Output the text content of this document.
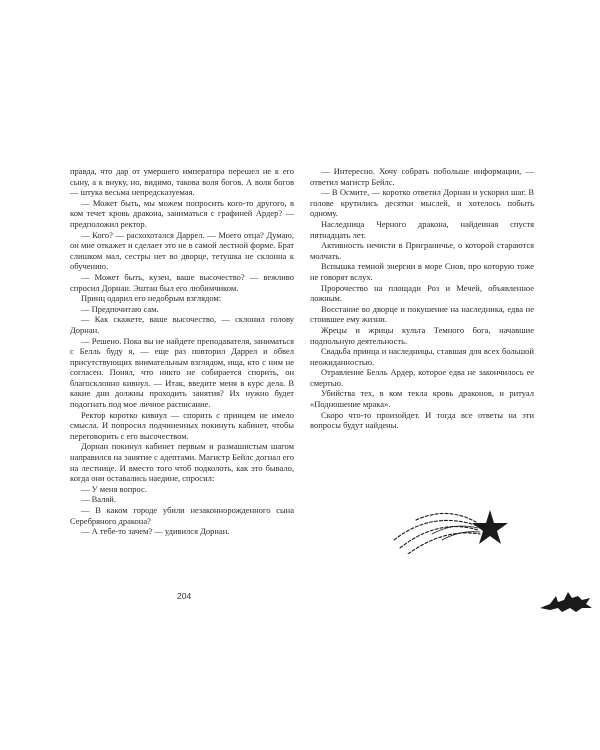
правда, что дар от умершего императора перешел не к его сыну, а к внуку, но, видимо, такова воля богов. А воля богов — штука весьма непредсказуемая.

— Может быть, мы можем попросить кого-то другого, в ком течет кровь дракона, заниматься с графиней Ардер? — предположил ректор.

— Кого? — расхохотался Даррел. — Моего отца? Думаю, он мне откажет и сделает это не в самой лестной форме. Брат слишком мал, сестры нет во дворце, тетушка не склонна к обучению.

— Может быть, кузен, ваше высочество? — вежливо спросил Дорнан. Эштан был его любимчиком.

Принц одарил его недобрым взглядом:

— Предпочитаю сам.

— Как скажете, ваше высочество, — склонил голову Дорнан.

— Решено. Пока вы не найдете преподавателя, заниматься с Белль буду я, — еще раз повторил Даррел и обвел присутствующих внимательным взглядом, ища, кто с ним не согласен. Понял, что никто не собирается спорить, он благосклонно кивнул. — Итак, введите меня в курс дела. В какие дни должны проходить занятия? Их нужно будет подогнать под мое личное расписание.

Ректор коротко кивнул — спорить с принцем не имело смысла. И попросил подчиненных покинуть кабинет, чтобы переговорить с его высочеством.

Дорнан покинул кабинет первым и размашистым шагом направился на занятие с адептами. Магистр Бейлс догнал его на лестнице. И вместо того чтоб подколоть, как это бывало, когда они оставались наедине, спросил:

— У меня вопрос.

— Валяй.

— В каком городе убили незаконнорожденного сына Серебряного дракона?

— А тебе-то зачем? — удивился Дорнан.

204

— Интересно. Хочу собрать побольше информации, — ответил магистр Бейлс.

— В Осмите, — коротко ответил Дорнан и ускорил шаг. В голове крутились десятки мыслей, и хотелось побыть одному.

Наследница Черного дракона, найденная спустя пятнадцать лет.

Активность нечисти в Приграничье, о которой стараются молчать.

Вспышка темной энергии в море Снов, про которую тоже не говорят вслух.

Пророчество на площади Роз и Мечей, объявленное ложным.

Восстание во дворце и покушение на наследника, едва не стоившее ему жизни.

Жрецы и жрицы культа Темного бога, начавшие подпольную деятельность.

Свадьба принца и наследницы, ставшая для всех большой неожиданностью.

Отравление Белль Ардер, которое едва не закончилось ее смертью.

Убийства тех, в ком текла кровь драконов, и ритуал «Подношение мрака».

Скоро что-то произойдет. И тогда все ответы на эти вопросы будут найдены.
